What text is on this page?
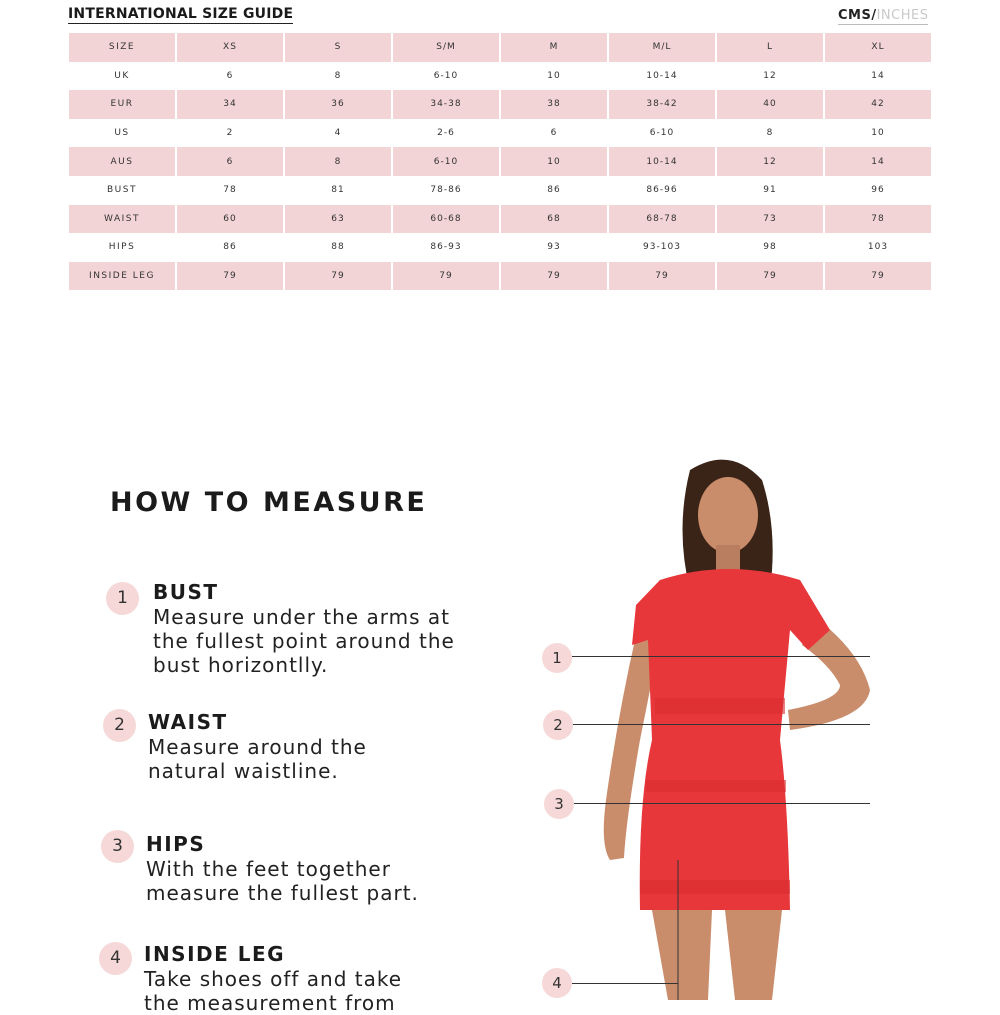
INTERNATIONAL SIZE GUIDE	CMS/INCHES
SIZE	XS	S	S/M	M	M/L	L	XL
UK	6	8	6-10	10	10-14	12	14
EUR	34	36	34-38	38	38-42	40	42
US	2	4	2-6	6	6-10	8	10
AUS	6	8	6-10	10	10-14	12	14
BUST	78	81	78-86	86	86-96	91	96
WAIST	60	63	60-68	68	68-78	73	78
HIPS	86	88	86-93	93	93-103	98	103
INSIDE LEG	79	79	79	79	79	79	79
HOW TO MEASURE
1	BUST
Measure under the arms at the fullest point around the bust horizontlly.
2	WAIST
Measure around the natural waistline.
3	HIPS
With the feet together measure the fullest part.
4	INSIDE LEG
Take shoes off and take the measurement from
1
2
3
4
